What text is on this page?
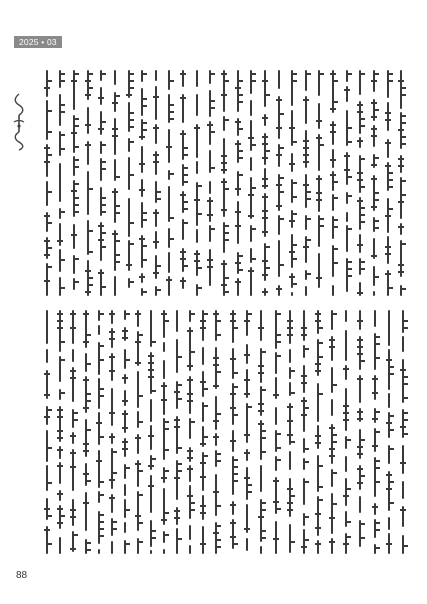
2025 • 03
88
